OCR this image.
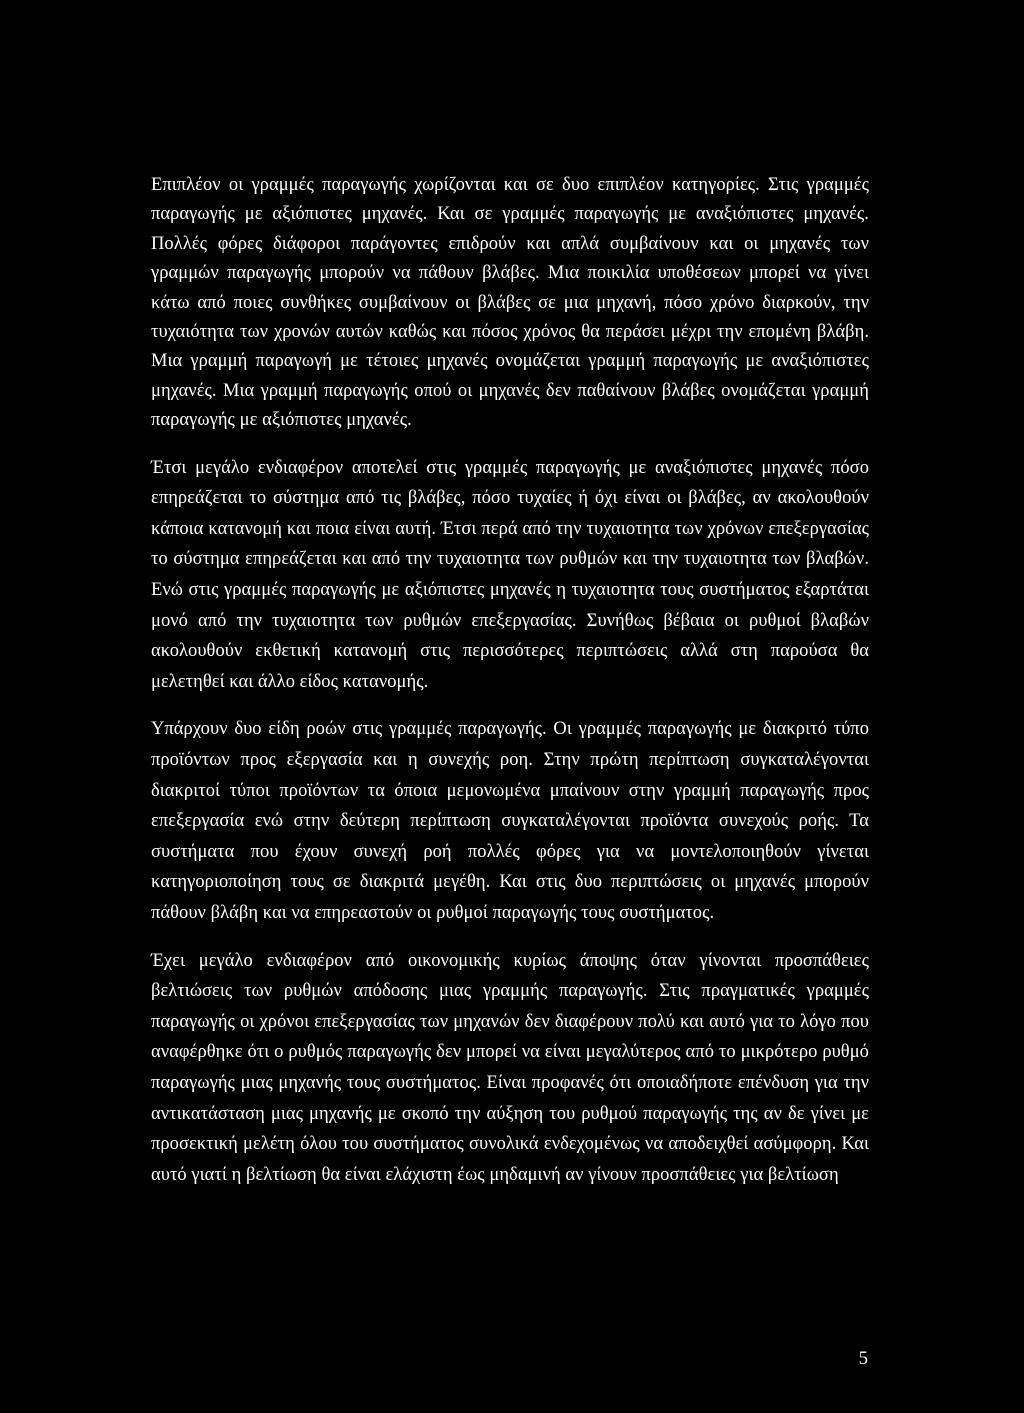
Επιπλέον οι γραμμές παραγωγής χωρίζονται και σε δυο επιπλέον κατηγορίες. Στις γραμμές παραγωγής με αξιόπιστες μηχανές. Και σε γραμμές παραγωγής με αναξιόπιστες μηχανές. Πολλές φόρες διάφοροι παράγοντες επιδρούν και απλά συμβαίνουν και οι μηχανές των γραμμών παραγωγής μπορούν να πάθουν βλάβες. Μια ποικιλία υποθέσεων μπορεί να γίνει κάτω από ποιες συνθήκες συμβαίνουν οι βλάβες σε μια μηχανή, πόσο χρόνο διαρκούν, την τυχαιότητα των χρονών αυτών καθώς και πόσος χρόνος θα περάσει μέχρι την επομένη βλάβη. Μια γραμμή παραγωγή με τέτοιες μηχανές ονομάζεται γραμμή παραγωγής με αναξιόπιστες μηχανές. Μια γραμμή παραγωγής οπού οι μηχανές δεν παθαίνουν βλάβες ονομάζεται γραμμή παραγωγής με αξιόπιστες μηχανές.

Έτσι μεγάλο ενδιαφέρον αποτελεί στις γραμμές παραγωγής με αναξιόπιστες μηχανές πόσο επηρεάζεται το σύστημα από τις βλάβες, πόσο τυχαίες ή όχι είναι οι βλάβες, αν ακολουθούν κάποια κατανομή και ποια είναι αυτή. Έτσι περά από την τυχαιοτητα των χρόνων επεξεργασίας το σύστημα επηρεάζεται και από την τυχαιοτητα των ρυθμών και την τυχαιοτητα των βλαβών. Ενώ στις γραμμές παραγωγής με αξιόπιστες μηχανές η τυχαιοτητα τους συστήματος εξαρτάται μονό από την τυχαιοτητα των ρυθμών επεξεργασίας. Συνήθως βέβαια οι ρυθμοί βλαβών ακολουθούν εκθετική κατανομή στις περισσότερες περιπτώσεις αλλά στη παρούσα θα μελετηθεί και άλλο είδος κατανομής.

Υπάρχουν δυο είδη ροών στις γραμμές παραγωγής. Οι γραμμές παραγωγής με διακριτό τύπο προϊόντων προς εξεργασία και η συνεχής ροη. Στην πρώτη περίπτωση συγκαταλέγονται διακριτοί τύποι προϊόντων τα όποια μεμονωμένα μπαίνουν στην γραμμή παραγωγής προς επεξεργασία ενώ στην δεύτερη περίπτωση συγκαταλέγονται προϊόντα συνεχούς ροής. Τα συστήματα που έχουν συνεχή ροή πολλές φόρες για να μοντελοποιηθούν γίνεται κατηγοριοποίηση τους σε διακριτά μεγέθη. Και στις δυο περιπτώσεις οι μηχανές μπορούν πάθουν βλάβη και να επηρεαστούν οι ρυθμοί παραγωγής τους συστήματος.

Έχει μεγάλο ενδιαφέρον από οικονομικής κυρίως άποψης όταν γίνονται προσπάθειες βελτιώσεις των ρυθμών απόδοσης μιας γραμμής παραγωγής. Στις πραγματικές γραμμές παραγωγής οι χρόνοι επεξεργασίας των μηχανών δεν διαφέρουν πολύ και αυτό για το λόγο που αναφέρθηκε ότι ο ρυθμός παραγωγής δεν μπορεί να είναι μεγαλύτερος από το μικρότερο ρυθμό παραγωγής μιας μηχανής τους συστήματος. Είναι προφανές ότι οποιαδήποτε επένδυση για την αντικατάσταση μιας μηχανής με σκοπό την αύξηση του ρυθμού παραγωγής της αν δε γίνει με προσεκτική μελέτη όλου του συστήματος συνολικά ενδεχομένως να αποδειχθεί ασύμφορη. Και αυτό γιατί η βελτίωση θα είναι ελάχιστη έως μηδαμινή αν γίνουν προσπάθειες για βελτίωση

5
